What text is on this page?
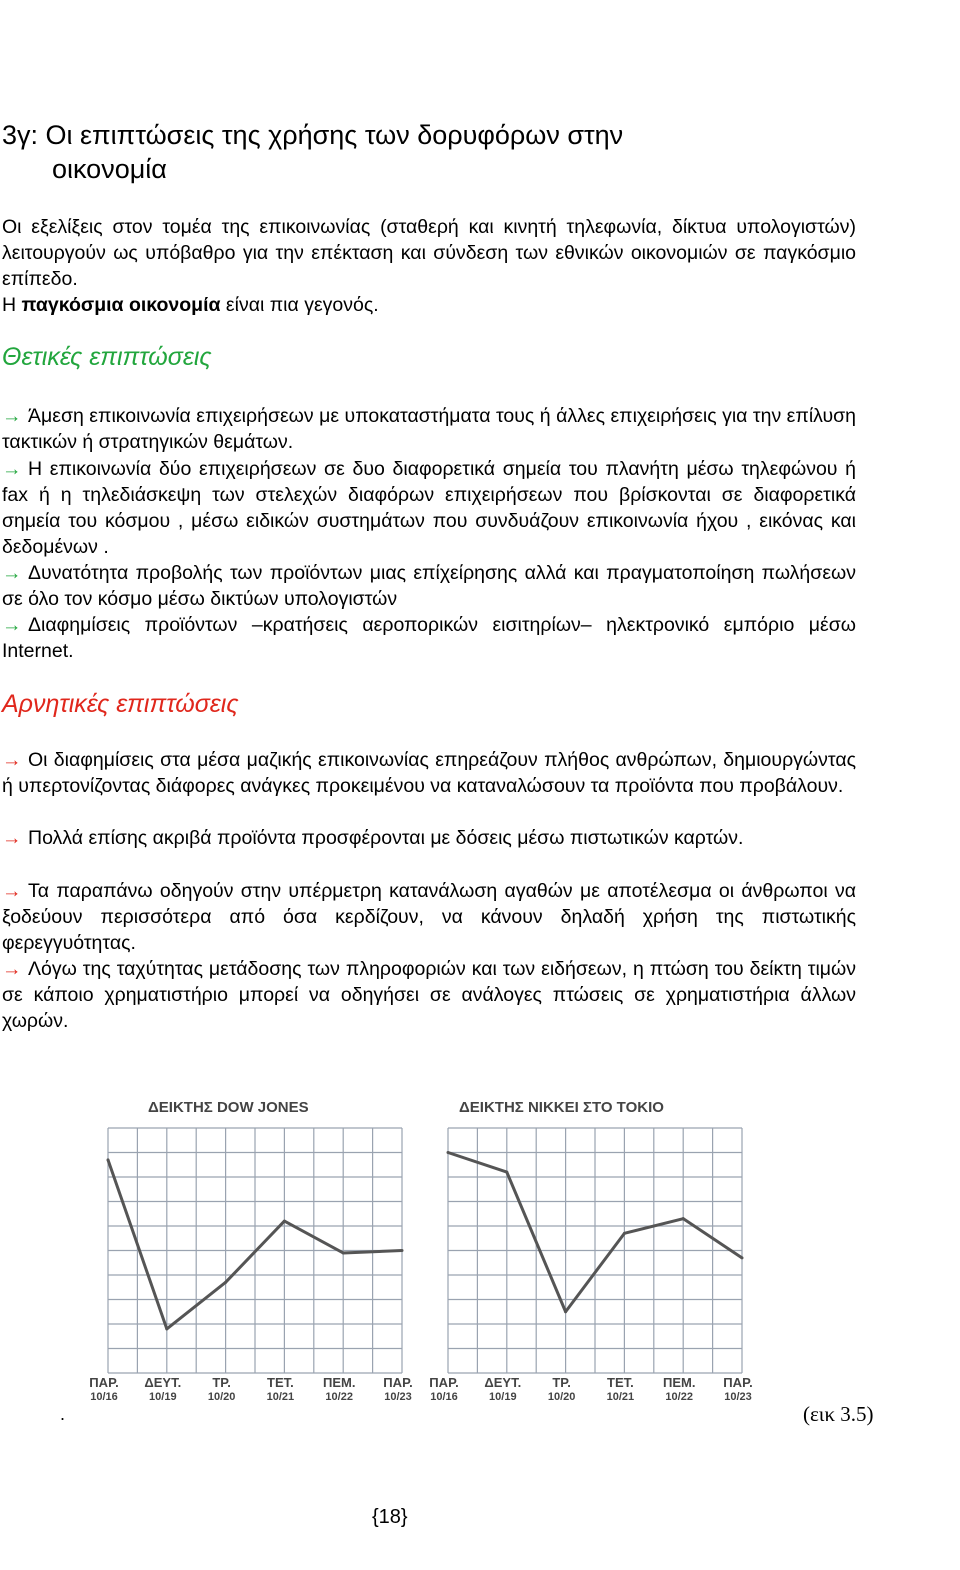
3γ: Οι επιπτώσεις της χρήσης των δορυφόρων στην
οικονομία
Οι εξελίξεις στον τομέα της επικοινωνίας (σταθερή και κινητή τηλεφωνία, δίκτυα υπολογιστών) λειτουργούν ως υπόβαθρο για την επέκταση και σύνδεση των εθνικών οικονομιών σε παγκόσμιο επίπεδο.
Η παγκόσμια οικονομία είναι πια γεγονός.
Θετικές επιπτώσεις
→ Άμεση επικοινωνία επιχειρήσεων με υποκαταστήματα τους ή άλλες επιχειρήσεις για την επίλυση τακτικών ή στρατηγικών θεμάτων.
→ Η επικοινωνία δύο επιχειρήσεων σε δυο διαφορετικά σημεία του πλανήτη μέσω τηλεφώνου ή fax ή η τηλεδιάσκεψη των στελεχών διαφόρων επιχειρήσεων που βρίσκονται σε διαφορετικά σημεία του κόσμου , μέσω ειδικών συστημάτων που συνδυάζουν επικοινωνία ήχου , εικόνας και δεδομένων .
→ Δυνατότητα προβολής των προϊόντων μιας επίχείρησης αλλά και πραγματοποίηση πωλήσεων σε όλο τον κόσμο μέσω δικτύων υπολογιστών
→ Διαφημίσεις προϊόντων –κρατήσεις αεροπορικών εισιτηρίων– ηλεκτρονικό εμπόριο μέσω Internet.
Αρνητικές επιπτώσεις
→ Οι διαφημίσεις στα μέσα μαζικής επικοινωνίας επηρεάζουν πλήθος ανθρώπων, δημιουργώντας ή υπερτονίζοντας διάφορες ανάγκες προκειμένου να καταναλώσουν τα προϊόντα που προβάλουν.
→ Πολλά επίσης ακριβά προϊόντα προσφέρονται με δόσεις μέσω πιστωτικών καρτών.
→ Τα παραπάνω οδηγούν στην υπέρμετρη κατανάλωση αγαθών με αποτέλεσμα οι άνθρωποι να ξοδεύουν περισσότερα από όσα κερδίζουν, να κάνουν δηλαδή χρήση της πιστωτικής φερεγγυότητας.
→ Λόγω της ταχύτητας μετάδοσης των πληροφοριών και των ειδήσεων, η πτώση του δείκτη τιμών σε κάποιο χρηματιστήριο μπορεί να οδηγήσει σε ανάλογες πτώσεις σε χρηματιστήρια άλλων χωρών.
ΔΕΙΚΤΗΣ DOW JONES
ΠΑΡ.
10/16
ΔΕΥΤ.
10/19
ΤΡ.
10/20
ΤΕΤ.
10/21
ΠΕΜ.
10/22
ΠΑΡ.
10/23
ΔΕΙΚΤΗΣ NIKKEI ΣΤΟ ΤΟΚΙΟ
ΠΑΡ.
10/16
ΔΕΥΤ.
10/19
ΤΡ.
10/20
ΤΕΤ.
10/21
ΠΕΜ.
10/22
ΠΑΡ.
10/23
.	(εικ 3.5)
{18}
